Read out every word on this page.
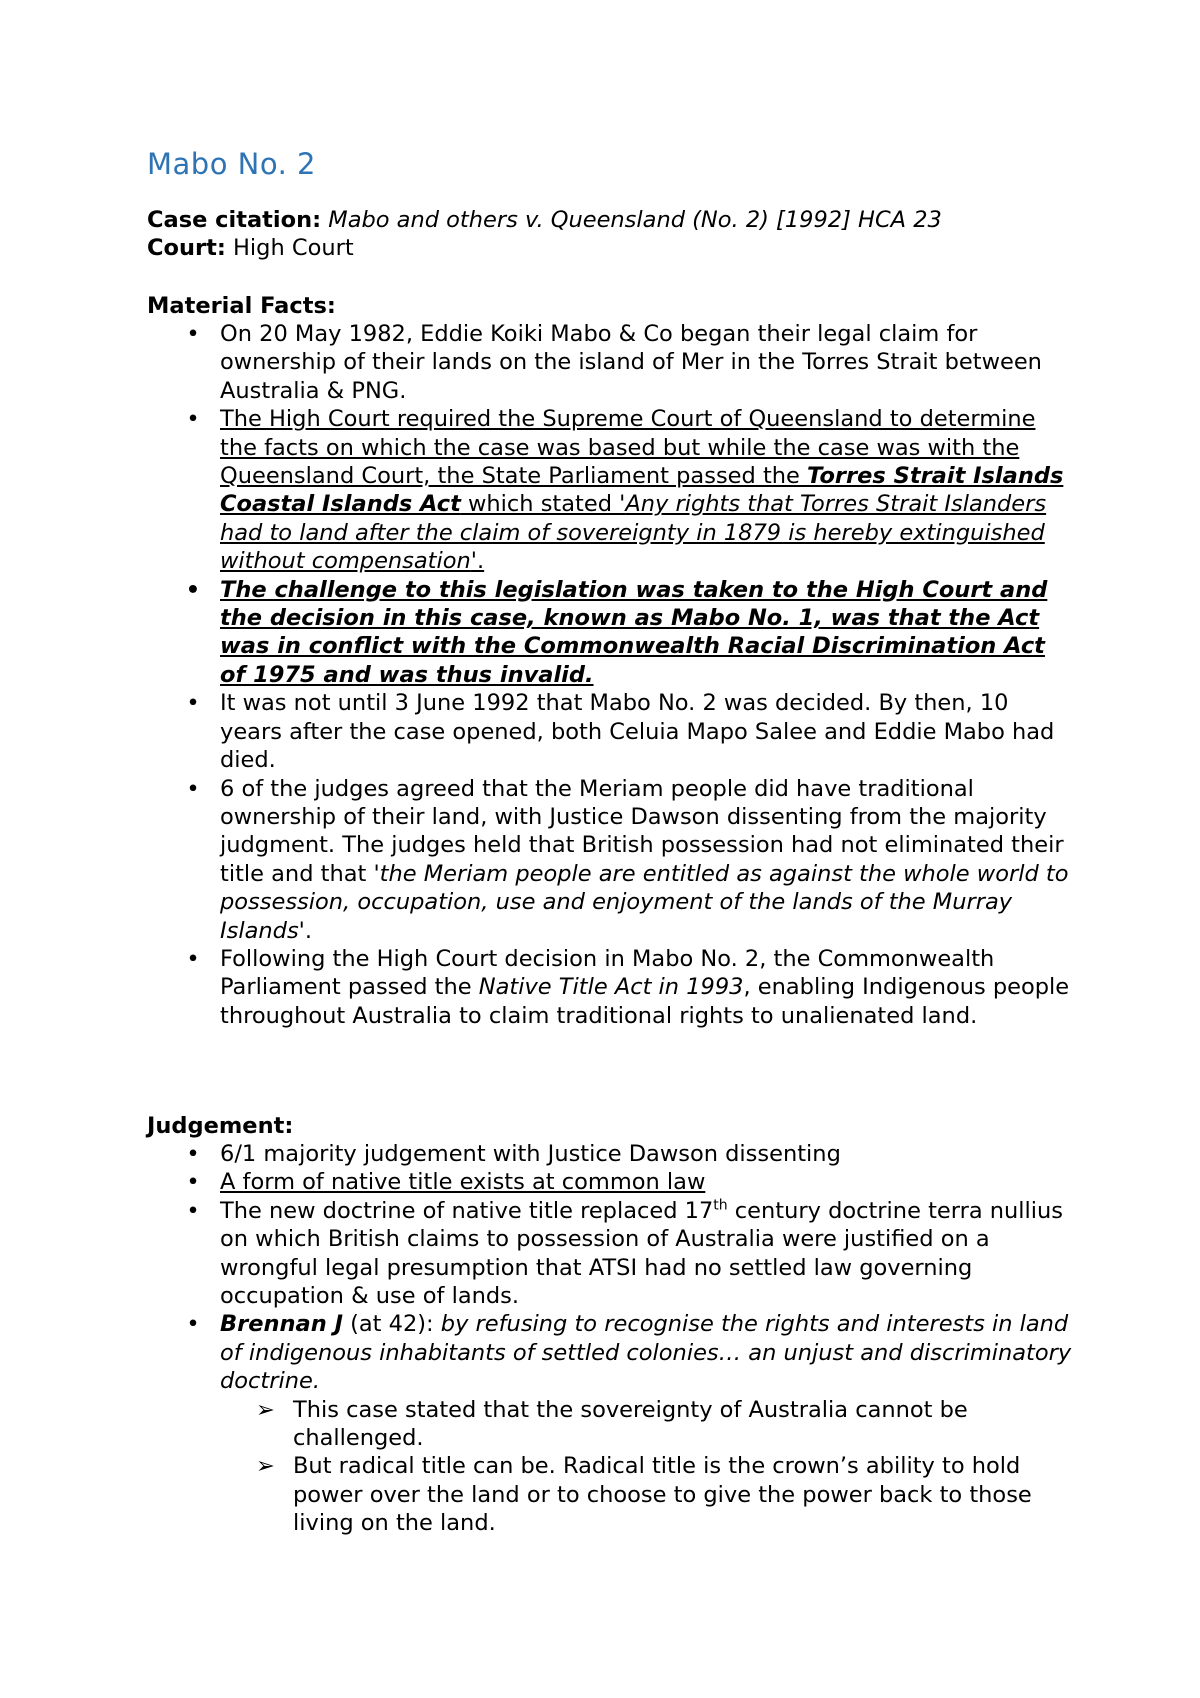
Mabo No. 2

Case citation: Mabo and others v. Queensland (No. 2) [1992] HCA 23

Court: High Court

Material Facts:

• On 20 May 1982, Eddie Koiki Mabo & Co began their legal claim for ownership of their lands on the island of Mer in the Torres Strait between Australia & PNG.
• The High Court required the Supreme Court of Queensland to determine the facts on which the case was based but while the case was with the Queensland Court, the State Parliament passed the Torres Strait Islands Coastal Islands Act which stated 'Any rights that Torres Strait Islanders had to land after the claim of sovereignty in 1879 is hereby extinguished without compensation'.
• The challenge to this legislation was taken to the High Court and the decision in this case, known as Mabo No. 1, was that the Act was in conflict with the Commonwealth Racial Discrimination Act of 1975 and was thus invalid.
• It was not until 3 June 1992 that Mabo No. 2 was decided. By then, 10 years after the case opened, both Celuia Mapo Salee and Eddie Mabo had died.
• 6 of the judges agreed that the Meriam people did have traditional ownership of their land, with Justice Dawson dissenting from the majority judgment. The judges held that British possession had not eliminated their title and that 'the Meriam people are entitled as against the whole world to possession, occupation, use and enjoyment of the lands of the Murray Islands'.
• Following the High Court decision in Mabo No. 2, the Commonwealth Parliament passed the Native Title Act in 1993, enabling Indigenous people throughout Australia to claim traditional rights to unalienated land.

Judgement:

• 6/1 majority judgement with Justice Dawson dissenting
• A form of native title exists at common law
• The new doctrine of native title replaced 17th century doctrine terra nullius on which British claims to possession of Australia were justified on a wrongful legal presumption that ATSI had no settled law governing occupation & use of lands.
• Brennan J (at 42): by refusing to recognise the rights and interests in land of indigenous inhabitants of settled colonies… an unjust and discriminatory doctrine.
➢ This case stated that the sovereignty of Australia cannot be challenged.
➢ But radical title can be. Radical title is the crown’s ability to hold power over the land or to choose to give the power back to those living on the land.
